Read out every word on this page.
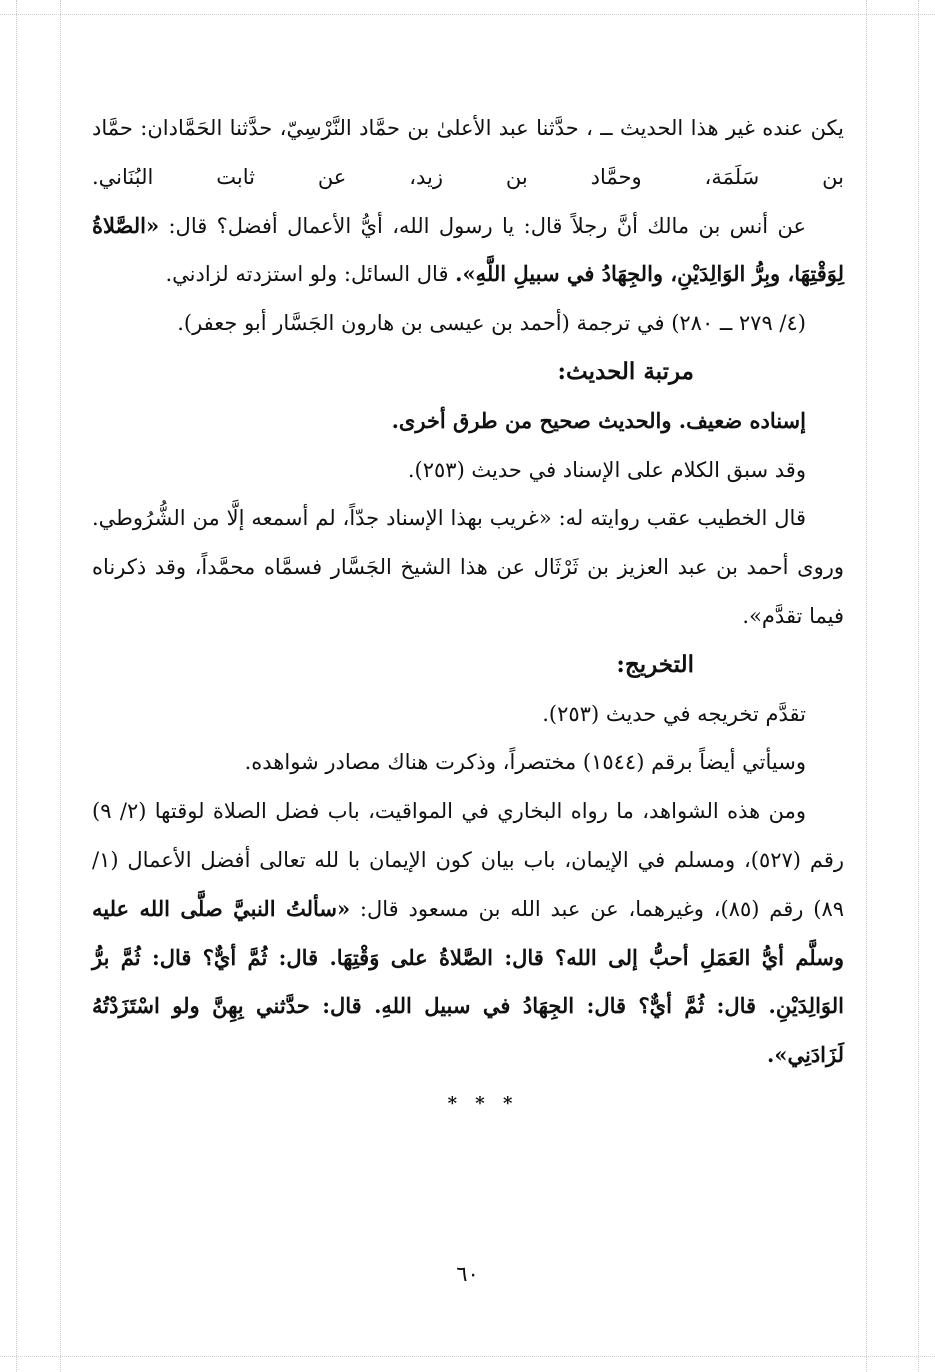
يكن عنده غير هذا الحديث ــ ، حدَّثنا عبد الأعلىٰ بن حمَّاد النَّرْسِيّ، حدَّثنا الحَمَّادان: حمَّاد بن سَلَمَة، وحمَّاد بن زيد، عن ثابت البُنَاني.

عن أنس بن مالك أنَّ رجلاً قال: يا رسول الله، أيُّ الأعمال أفضل؟ قال: «الصَّلاةُ لِوَقْتِهَا، وبِرُّ الوَالِدَيْنِ، والجِهَادُ في سبيلِ اللَّهِ». قال السائل: ولو استزدته لزادني.

(٤/ ٢٧٩ ــ ٢٨٠) في ترجمة (أحمد بن عيسى بن هارون الجَسَّار أبو جعفر).

مرتبة الحديث:

إسناده ضعيف. والحديث صحيح من طرق أخرى.

وقد سبق الكلام على الإسناد في حديث (٢٥٣).

قال الخطيب عقب روايته له: «غريب بهذا الإسناد جدّاً، لم أسمعه إلَّا من الشُّرُوطي. وروى أحمد بن عبد العزيز بن ثَرْثَال عن هذا الشيخ الجَسَّار فسمَّاه محمَّداً، وقد ذكرناه فيما تقدَّم».

التخريج:

تقدَّم تخريجه في حديث (٢٥٣).

وسيأتي أيضاً برقم (١٥٤٤) مختصراً، وذكرت هناك مصادر شواهده.

ومن هذه الشواهد، ما رواه البخاري في المواقيت، باب فضل الصلاة لوقتها (٢/ ٩) رقم (٥٢٧)، ومسلم في الإيمان، باب بيان كون الإيمان با لله تعالى أفضل الأعمال (١/ ٨٩) رقم (٨٥)، وغيرهما، عن عبد الله بن مسعود قال: «سألتُ النبيَّ صلَّى الله عليه وسلَّم أيُّ العَمَلِ أحبُّ إلى الله؟ قال: الصَّلاةُ على وَقْتِهَا. قال: ثُمَّ أيٌّ؟ قال: ثُمَّ برُّ الوَالِدَيْنِ. قال: ثُمَّ أيٌّ؟ قال: الجِهَادُ في سبيل اللهِ. قال: حدَّثني بِهِنَّ ولو اسْتَزَدْتُهُ لَزَادَنِي».

* * *

٦٠
